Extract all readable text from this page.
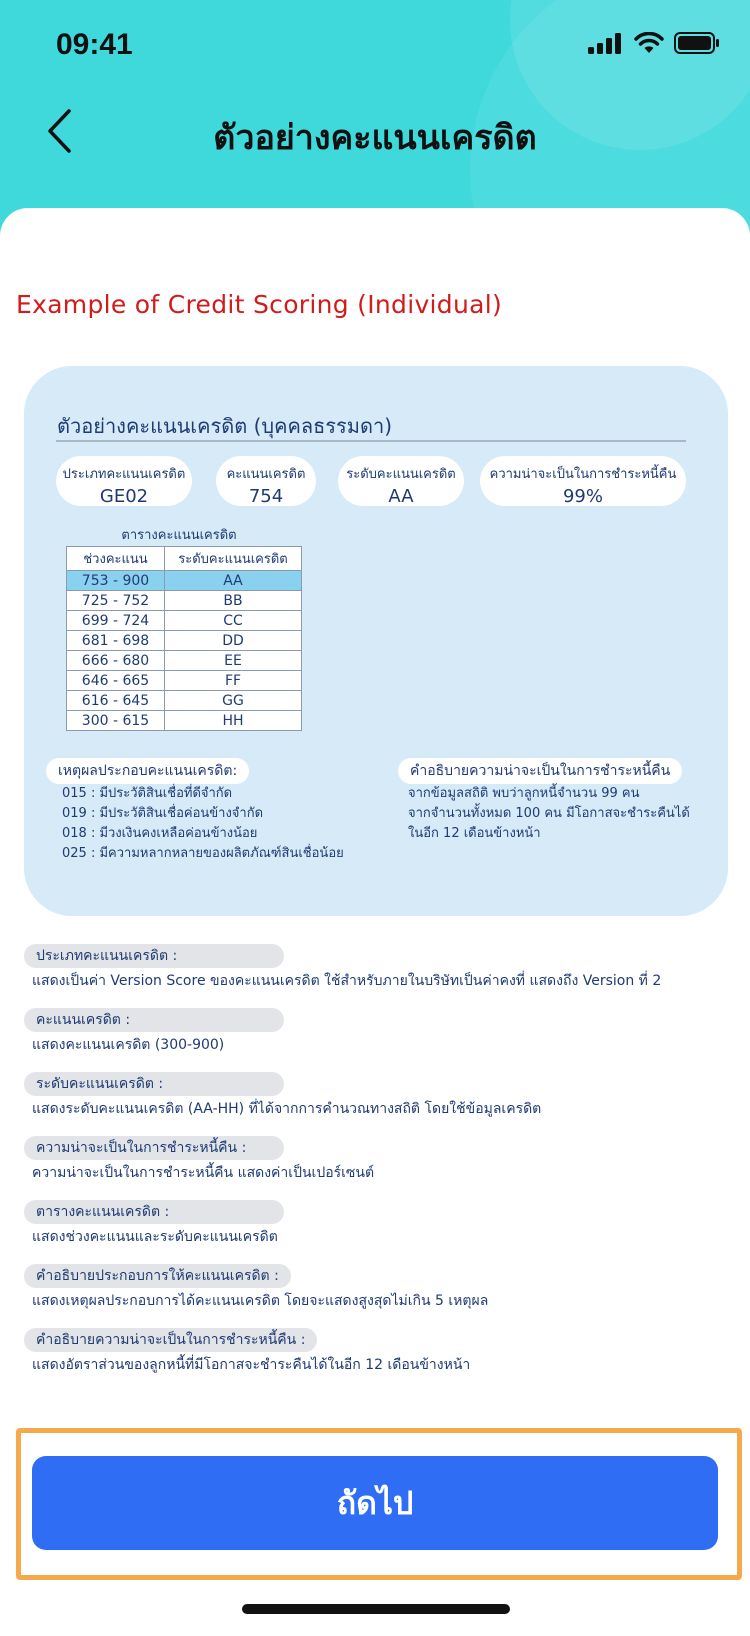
09:41
ตัวอย่างคะแนนเครดิต
Example of Credit Scoring (Individual)
ตัวอย่างคะแนนเครดิต (บุคคลธรรมดา)
ประเภทคะแนนเครดิต
GE02
คะแนนเครดิต
754
ระดับคะแนนเครดิต
AA
ความน่าจะเป็นในการชำระหนี้คืน
99%
ตารางคะแนนเครดิต
ช่วงคะแนน	ระดับคะแนนเครดิต
753 - 900	AA
725 - 752	BB
699 - 724	CC
681 - 698	DD
666 - 680	EE
646 - 665	FF
616 - 645	GG
300 - 615	HH
เหตุผลประกอบคะแนนเครดิต:
015 : มีประวัติสินเชื่อที่ดีจำกัด
019 : มีประวัติสินเชื่อค่อนข้างจำกัด
018 : มีวงเงินคงเหลือค่อนข้างน้อย
025 : มีความหลากหลายของผลิตภัณฑ์สินเชื่อน้อย
คำอธิบายความน่าจะเป็นในการชำระหนี้คืน
จากข้อมูลสถิติ พบว่าลูกหนี้จำนวน 99 คน
จากจำนวนทั้งหมด 100 คน มีโอกาสจะชำระคืนได้
ในอีก 12 เดือนข้างหน้า
ประเภทคะแนนเครดิต :
แสดงเป็นค่า Version Score ของคะแนนเครดิต ใช้สำหรับภายในบริษัทเป็นค่าคงที่ แสดงถึง Version ที่ 2
คะแนนเครดิต :
แสดงคะแนนเครดิต (300-900)
ระดับคะแนนเครดิต :
แสดงระดับคะแนนเครดิต (AA-HH) ที่ได้จากการคำนวณทางสถิติ โดยใช้ข้อมูลเครดิต
ความน่าจะเป็นในการชำระหนี้คืน :
ความน่าจะเป็นในการชำระหนี้คืน แสดงค่าเป็นเปอร์เซนต์
ตารางคะแนนเครดิต :
แสดงช่วงคะแนนและระดับคะแนนเครดิต
คำอธิบายประกอบการให้คะแนนเครดิต :
แสดงเหตุผลประกอบการได้คะแนนเครดิต โดยจะแสดงสูงสุดไม่เกิน 5 เหตุผล
คำอธิบายความน่าจะเป็นในการชำระหนี้คืน :
แสดงอัตราส่วนของลูกหนี้ที่มีโอกาสจะชำระคืนได้ในอีก 12 เดือนข้างหน้า
ถัดไป
